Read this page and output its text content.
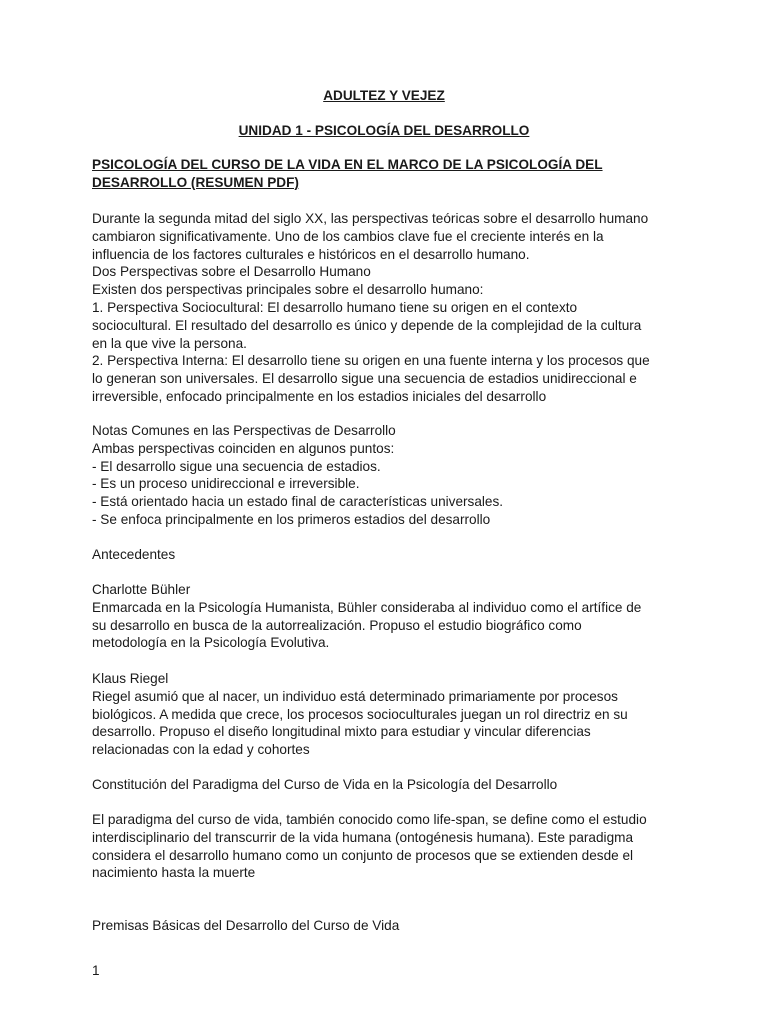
ADULTEZ Y VEJEZ
UNIDAD 1 - PSICOLOGÍA DEL DESARROLLO
PSICOLOGÍA DEL CURSO DE LA VIDA EN EL MARCO DE LA PSICOLOGÍA DEL
DESARROLLO (RESUMEN PDF)

Durante la segunda mitad del siglo XX, las perspectivas teóricas sobre el desarrollo humano

cambiaron significativamente. Uno de los cambios clave fue el creciente interés en la

influencia de los factores culturales e históricos en el desarrollo humano.

Dos Perspectivas sobre el Desarrollo Humano

Existen dos perspectivas principales sobre el desarrollo humano:

1. Perspectiva Sociocultural: El desarrollo humano tiene su origen en el contexto

sociocultural. El resultado del desarrollo es único y depende de la complejidad de la cultura

en la que vive la persona.

2. Perspectiva Interna: El desarrollo tiene su origen en una fuente interna y los procesos que

lo generan son universales. El desarrollo sigue una secuencia de estadios unidireccional e

irreversible, enfocado principalmente en los estadios iniciales del desarrollo

Notas Comunes en las Perspectivas de Desarrollo

Ambas perspectivas coinciden en algunos puntos:

- El desarrollo sigue una secuencia de estadios.

- Es un proceso unidireccional e irreversible.

- Está orientado hacia un estado final de características universales.

- Se enfoca principalmente en los primeros estadios del desarrollo

Antecedentes

Charlotte Bühler

Enmarcada en la Psicología Humanista, Bühler consideraba al individuo como el artífice de

su desarrollo en busca de la autorrealización. Propuso el estudio biográfico como

metodología en la Psicología Evolutiva.

Klaus Riegel

Riegel asumió que al nacer, un individuo está determinado primariamente por procesos

biológicos. A medida que crece, los procesos socioculturales juegan un rol directriz en su

desarrollo. Propuso el diseño longitudinal mixto para estudiar y vincular diferencias

relacionadas con la edad y cohortes

Constitución del Paradigma del Curso de Vida en la Psicología del Desarrollo

El paradigma del curso de vida, también conocido como life-span, se define como el estudio

interdisciplinario del transcurrir de la vida humana (ontogénesis humana). Este paradigma

considera el desarrollo humano como un conjunto de procesos que se extienden desde el

nacimiento hasta la muerte

Premisas Básicas del Desarrollo del Curso de Vida
1
